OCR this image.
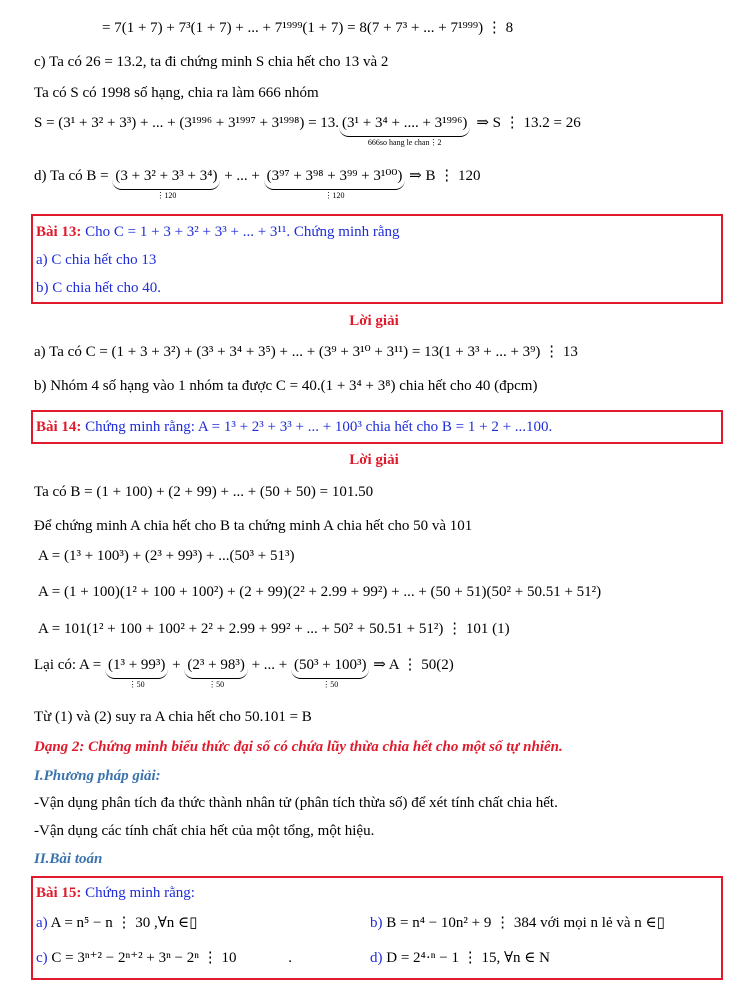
= 7(1 + 7) + 7³(1 + 7) + ... + 7¹⁹⁹⁹(1 + 7) = 8(7 + 7³ + ... + 7¹⁹⁹⁹) ⋮ 8
c) Ta có 26 = 13.2, ta đi chứng minh S chia hết cho 13 và 2
Ta có S có 1998 số hạng, chia ra làm 666 nhóm
S = (3¹ + 3² + 3³) + ... + (3¹⁹⁹⁶ + 3¹⁹⁹⁷ + 3¹⁹⁹⁸) = 13. (3¹ + 3⁴ + .... + 3¹⁹⁹⁶)
666so hang le chan⋮2
⇒ S ⋮ 13.2 = 26
d) Ta có B = (3 + 3² + 3³ + 3⁴)
⋮120
+ ... + (3⁹⁷ + 3⁹⁸ + 3⁹⁹ + 3¹⁰⁰)
⋮120
⇒ B ⋮ 120
Bài 13: Cho C = 1 + 3 + 3² + 3³ + ... + 3¹¹. Chứng minh rằng
a) C chia hết cho 13
b) C chia hết cho 40.
Lời giải
a) Ta có C = (1 + 3 + 3²) + (3³ + 3⁴ + 3⁵) + ... + (3⁹ + 3¹⁰ + 3¹¹) = 13(1 + 3³ + ... + 3⁹) ⋮ 13
b) Nhóm 4 số hạng vào 1 nhóm ta được C = 40.(1 + 3⁴ + 3⁸) chia hết cho 40 (đpcm)
Bài 14: Chứng minh rằng: A = 1³ + 2³ + 3³ + ... + 100³ chia hết cho B = 1 + 2 + ...100.
Lời giải
Ta có B = (1 + 100) + (2 + 99) + ... + (50 + 50) = 101.50
Để chứng minh A chia hết cho B ta chứng minh A chia hết cho 50 và 101
A = (1³ + 100³) + (2³ + 99³) + ...(50³ + 51³)
A = (1 + 100)(1² + 100 + 100²) + (2 + 99)(2² + 2.99 + 99²) + ... + (50 + 51)(50² + 50.51 + 51²)
A = 101(1² + 100 + 100² + 2² + 2.99 + 99² + ... + 50² + 50.51 + 51²) ⋮ 101 (1)
Lại có: A = (1³ + 99³)
⋮50
+ (2³ + 98³)
⋮50
+ ... + (50³ + 100³)
⋮50
⇒ A ⋮ 50(2)
Từ (1) và (2) suy ra A chia hết cho 50.101 = B
Dạng 2: Chứng minh biểu thức đại số có chứa lũy thừa chia hết cho một số tự nhiên.
I.Phương pháp giải:
-Vận dụng phân tích đa thức thành nhân tử (phân tích thừa số) để xét tính chất chia hết.
-Vận dụng các tính chất chia hết của một tổng, một hiệu.
II.Bài toán
Bài 15: Chứng minh rằng:
a) A = n⁵ − n ⋮ 30 ,∀n ∈▯	b) B = n⁴ − 10n² + 9 ⋮ 384 với mọi n lẻ và n ∈▯
c) C = 3ⁿ⁺² − 2ⁿ⁺² + 3ⁿ − 2ⁿ ⋮ 10	.	d) D = 2⁴·ⁿ − 1 ⋮ 15, ∀n ∈ N
